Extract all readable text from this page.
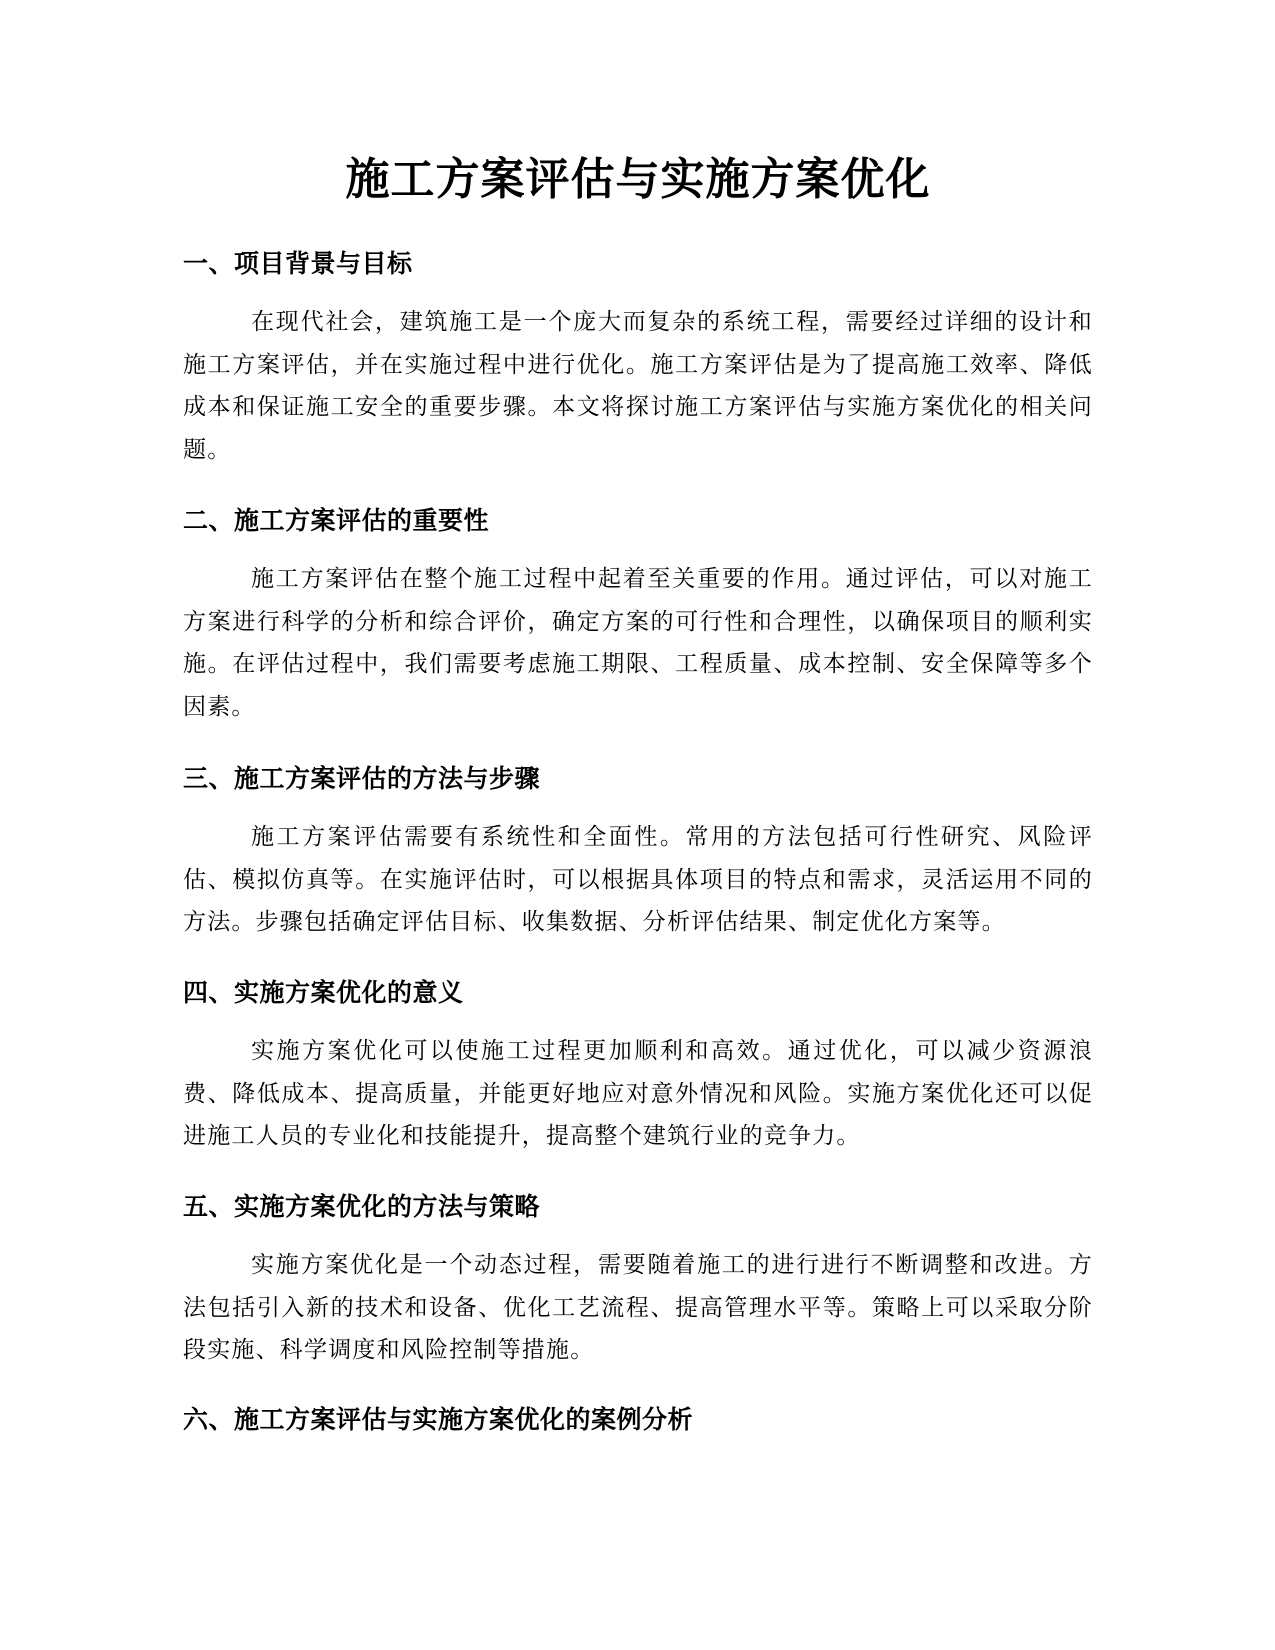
施工方案评估与实施方案优化
一、项目背景与目标

在现代社会，建筑施工是一个庞大而复杂的系统工程，需要经过详细的设计和施工方案评估，并在实施过程中进行优化。施工方案评估是为了提高施工效率、降低成本和保证施工安全的重要步骤。本文将探讨施工方案评估与实施方案优化的相关问题。

二、施工方案评估的重要性

施工方案评估在整个施工过程中起着至关重要的作用。通过评估，可以对施工方案进行科学的分析和综合评价，确定方案的可行性和合理性，以确保项目的顺利实施。在评估过程中，我们需要考虑施工期限、工程质量、成本控制、安全保障等多个因素。

三、施工方案评估的方法与步骤

施工方案评估需要有系统性和全面性。常用的方法包括可行性研究、风险评估、模拟仿真等。在实施评估时，可以根据具体项目的特点和需求，灵活运用不同的方法。步骤包括确定评估目标、收集数据、分析评估结果、制定优化方案等。

四、实施方案优化的意义

实施方案优化可以使施工过程更加顺利和高效。通过优化，可以减少资源浪费、降低成本、提高质量，并能更好地应对意外情况和风险。实施方案优化还可以促进施工人员的专业化和技能提升，提高整个建筑行业的竞争力。

五、实施方案优化的方法与策略

实施方案优化是一个动态过程，需要随着施工的进行进行不断调整和改进。方法包括引入新的技术和设备、优化工艺流程、提高管理水平等。策略上可以采取分阶段实施、科学调度和风险控制等措施。

六、施工方案评估与实施方案优化的案例分析
